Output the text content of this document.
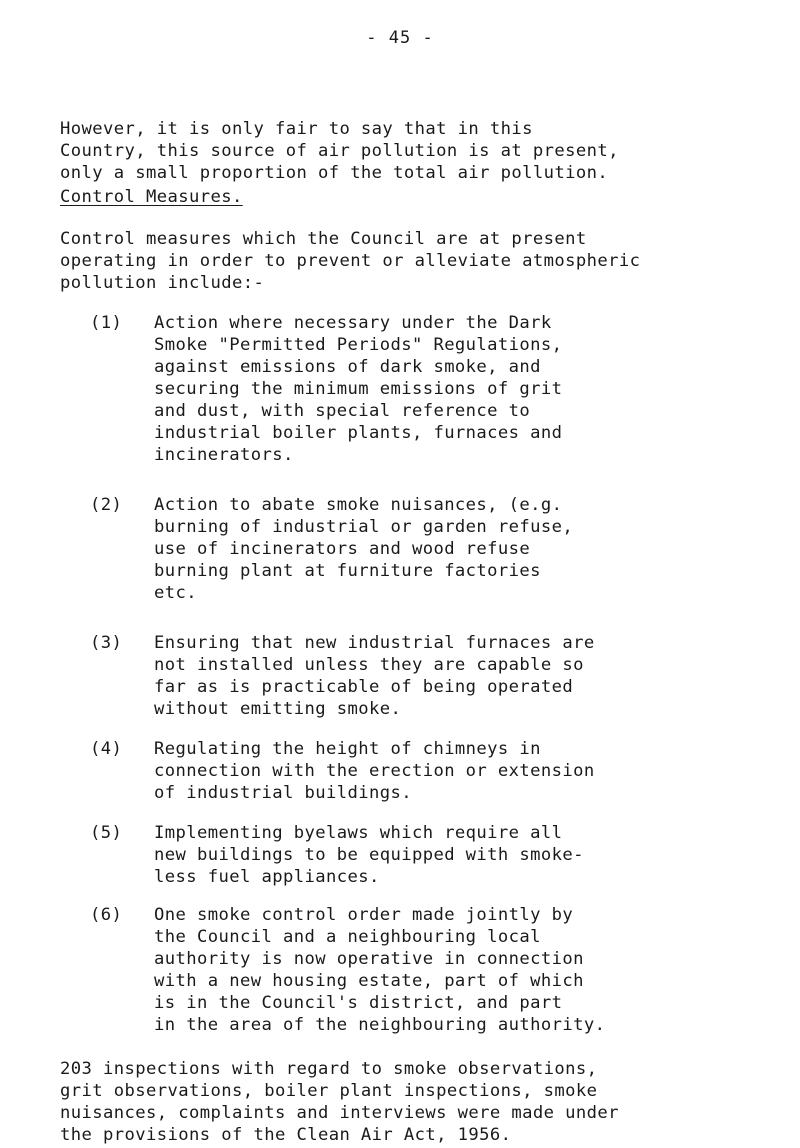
- 45 -
However, it is only fair to say that in this
Country, this source of air pollution is at present,
only a small proportion of the total air pollution.
Control Measures.
Control measures which the Council are at present
operating in order to prevent or alleviate atmospheric
pollution include:-
(1)	Action where necessary under the Dark
Smoke "Permitted Periods" Regulations,
against emissions of dark smoke, and
securing the minimum emissions of grit
and dust, with special reference to
industrial boiler plants, furnaces and
incinerators.
(2)	Action to abate smoke nuisances, (e.g.
burning of industrial or garden refuse,
use of incinerators and wood refuse
burning plant at furniture factories
etc.
(3)	Ensuring that new industrial furnaces are
not installed unless they are capable so
far as is practicable of being operated
without emitting smoke.
(4)	Regulating the height of chimneys in
connection with the erection or extension
of industrial buildings.
(5)	Implementing byelaws which require all
new buildings to be equipped with smoke-
less fuel appliances.
(6)	One smoke control order made jointly by
the Council and a neighbouring local
authority is now operative in connection
with a new housing estate, part of which
is in the Council's district, and part
in the area of the neighbouring authority.
203 inspections with regard to smoke observations,
grit observations, boiler plant inspections, smoke
nuisances, complaints and interviews were made under
the provisions of the Clean Air Act, 1956.
